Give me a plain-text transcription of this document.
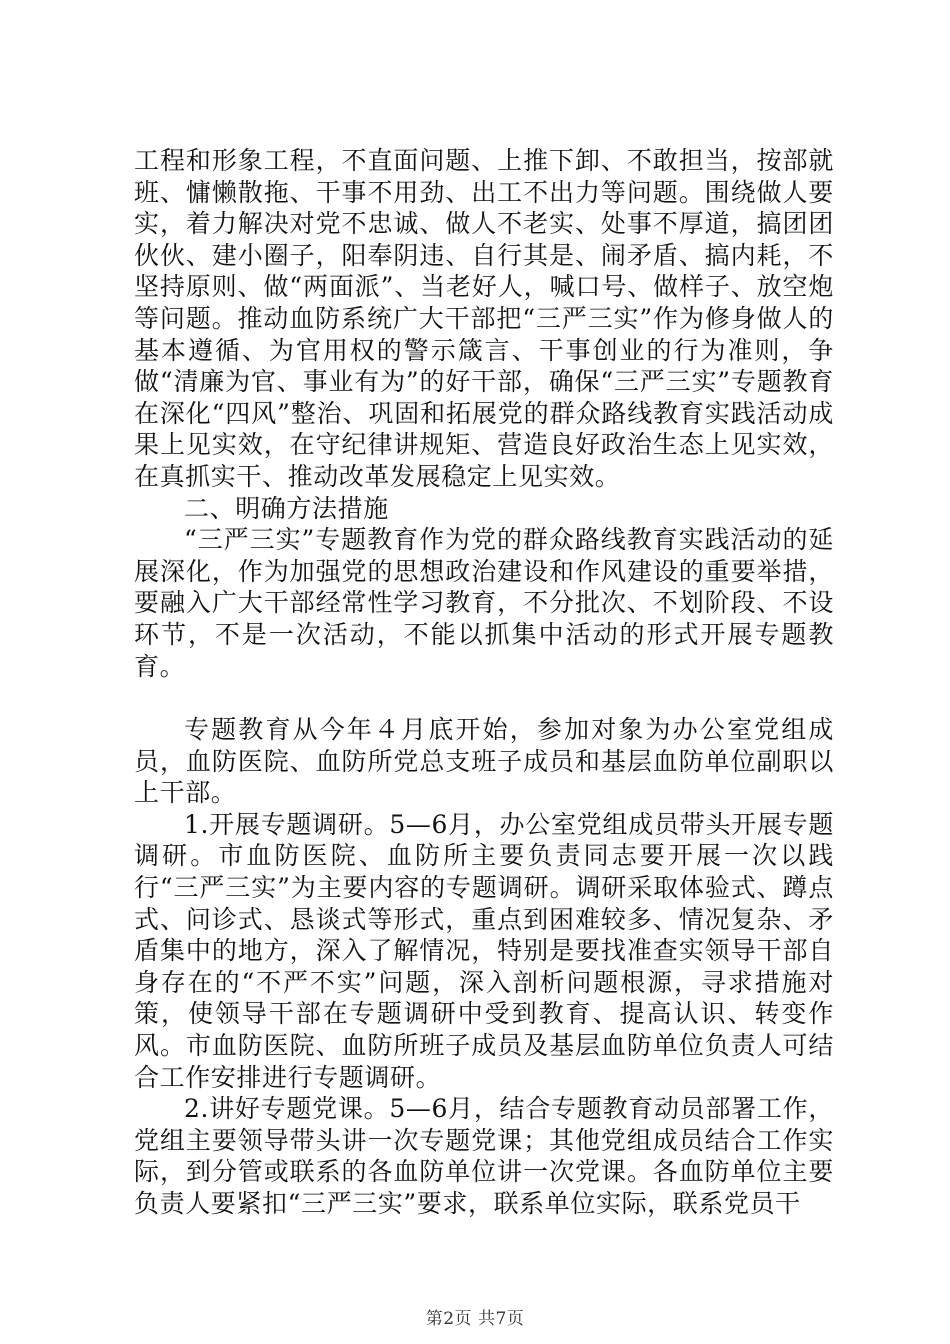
工程和形象工程，不直面问题、上推下卸、不敢担当，按部就班、慵懒散拖、干事不用劲、出工不出力等问题。围绕做人要实，着力解决对党不忠诚、做人不老实、处事不厚道，搞团团伙伙、建小圈子，阳奉阴违、自行其是、闹矛盾、搞内耗，不坚持原则、做“两面派”、当老好人，喊口号、做样子、放空炮等问题。推动血防系统广大干部把“三严三实”作为修身做人的基本遵循、为官用权的警示箴言、干事创业的行为准则，争做“清廉为官、事业有为”的好干部，确保“三严三实”专题教育在深化“四风”整治、巩固和拓展党的群众路线教育实践活动成果上见实效，在守纪律讲规矩、营造良好政治生态上见实效，在真抓实干、推动改革发展稳定上见实效。

二、明确方法措施

“三严三实”专题教育作为党的群众路线教育实践活动的延展深化，作为加强党的思想政治建设和作风建设的重要举措，要融入广大干部经常性学习教育，不分批次、不划阶段、不设环节，不是一次活动，不能以抓集中活动的形式开展专题教育。

专题教育从今年４月底开始，参加对象为办公室党组成员，血防医院、血防所党总支班子成员和基层血防单位副职以上干部。

1.开展专题调研。5—6月，办公室党组成员带头开展专题调研。市血防医院、血防所主要负责同志要开展一次以践行“三严三实”为主要内容的专题调研。调研采取体验式、蹲点式、问诊式、恳谈式等形式，重点到困难较多、情况复杂、矛盾集中的地方，深入了解情况，特别是要找准查实领导干部自身存在的“不严不实”问题，深入剖析问题根源，寻求措施对策，使领导干部在专题调研中受到教育、提高认识、转变作风。市血防医院、血防所班子成员及基层血防单位负责人可结合工作安排进行专题调研。

2.讲好专题党课。5—6月，结合专题教育动员部署工作，党组主要领导带头讲一次专题党课；其他党组成员结合工作实际，到分管或联系的各血防单位讲一次党课。各血防单位主要负责人要紧扣“三严三实”要求，联系单位实际，联系党员干

第2页 共7页
